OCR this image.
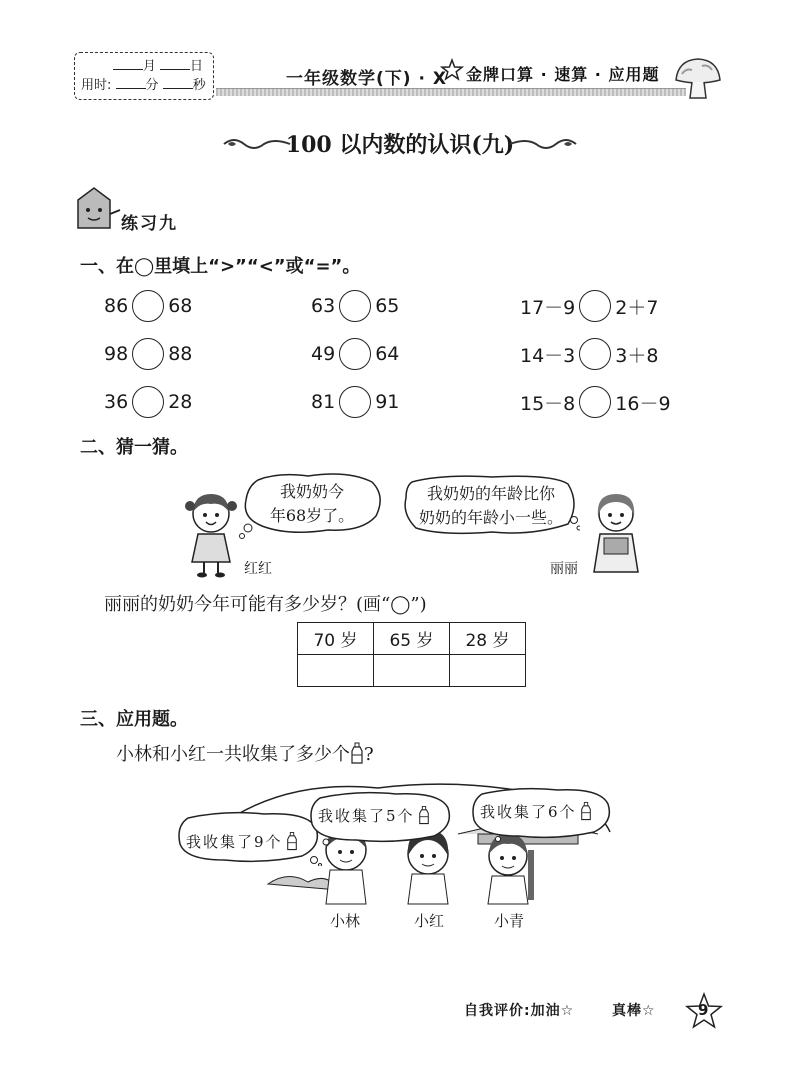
月	日
用时:	分	秒	一年级数学(下) · X 金牌口算 · 速算 · 应用题
100 以内数的认识(九)
练习九
一、在◯里填上“>”“<”或“=”。
86 68	63 65	17－9 2＋7
98 88	49 64	14－3 3＋8
36 28	81 91	15－8 16－9
二、猜一猜。
我奶奶今
年68岁了。
红红
我奶奶的年龄比你
奶奶的年龄小一些。
丽丽
丽丽的奶奶今年可能有多少岁？(画“◯”)
70 岁	65 岁	28 岁

三、应用题。
小林和小红一共收集了多少个 ?
我收集了9个
我收集了5个	我收集了6个
小林	小红	小青
自我评价:加油☆	真棒☆	9
